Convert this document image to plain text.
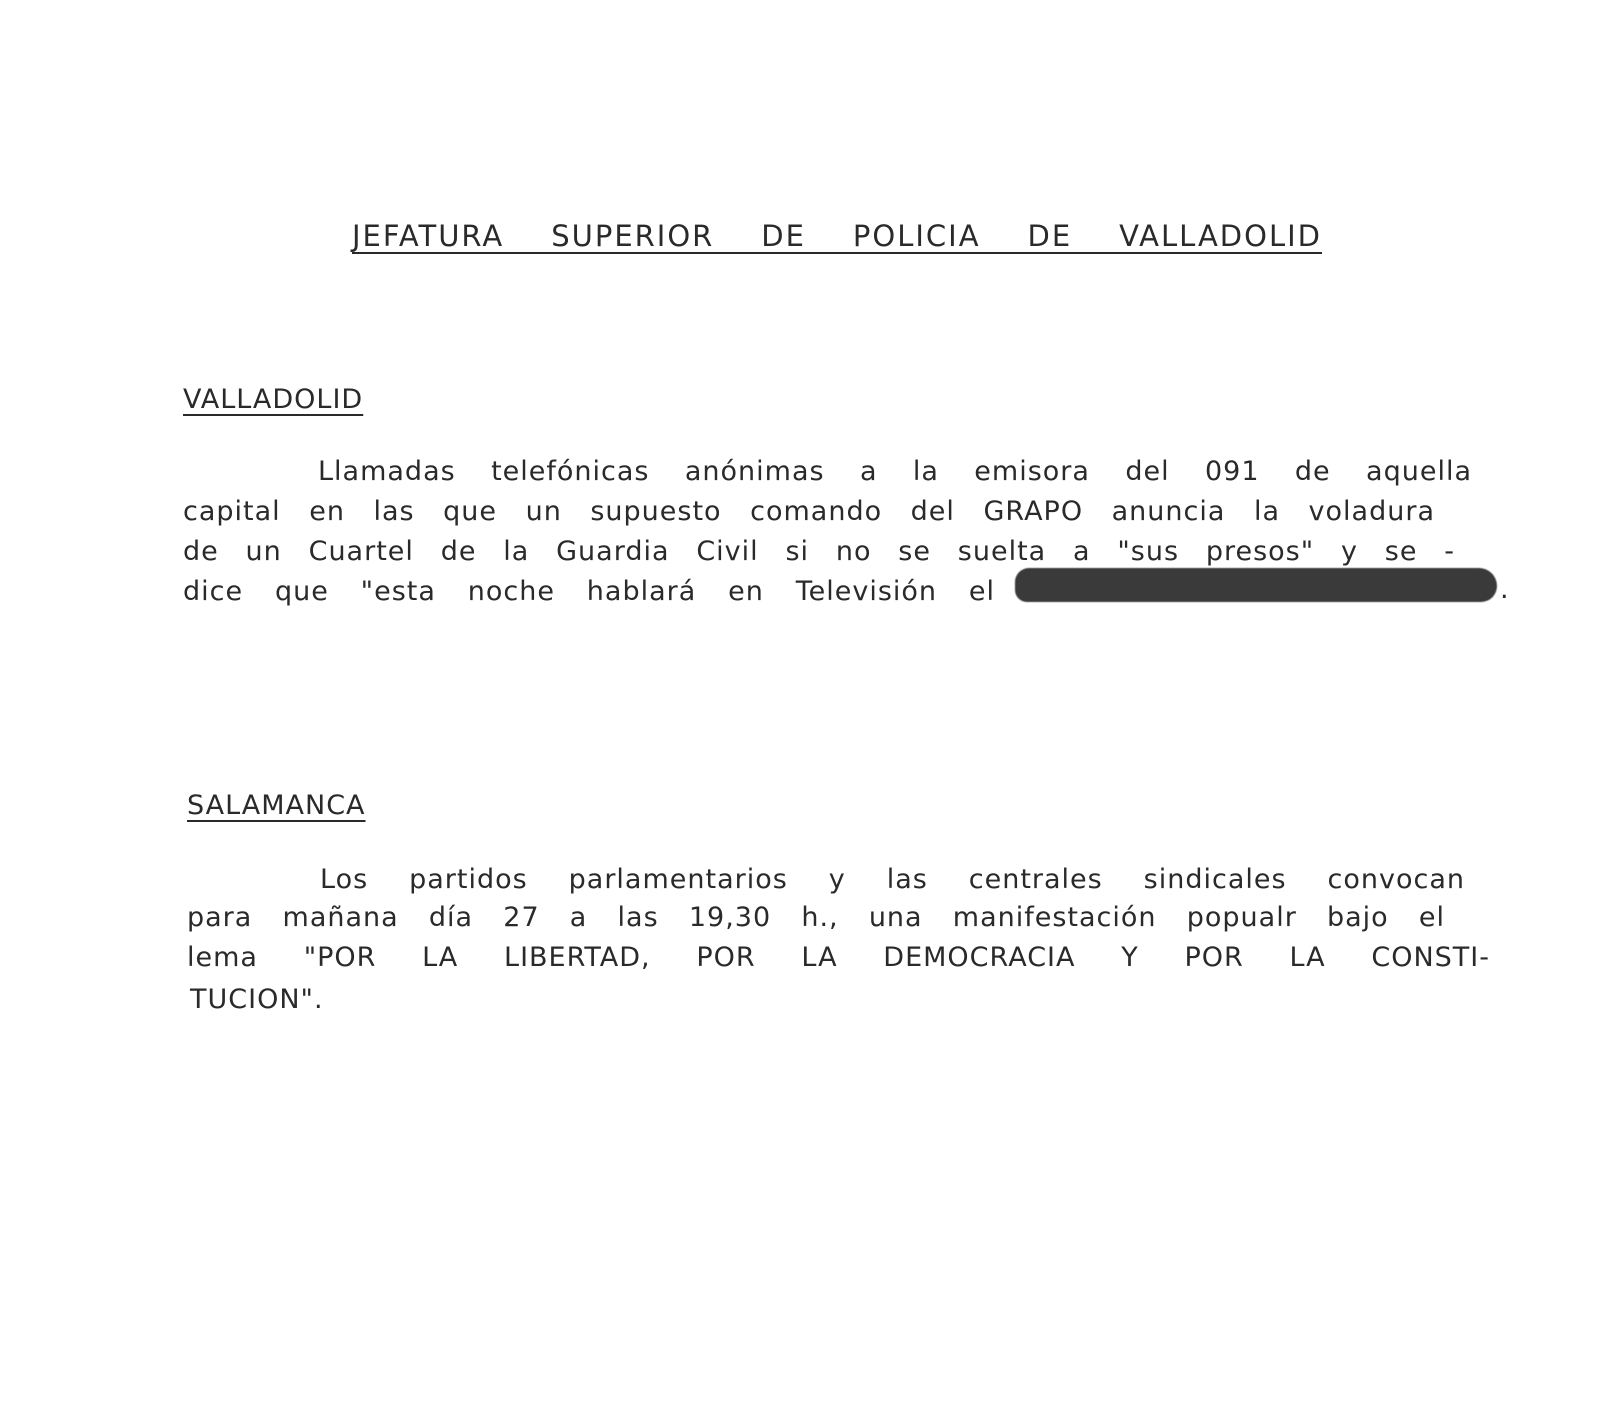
JEFATURA SUPERIOR DE POLICIA DE VALLADOLID
VALLADOLID
Llamadas telefónicas anónimas a la emisora del 091 de aquella
capital en las que un supuesto comando del GRAPO anuncia la voladura
de un Cuartel de la Guardia Civil si no se suelta a "sus presos" y se -
dice que "esta noche hablará en Televisión el	.
SALAMANCA
Los partidos parlamentarios y las centrales sindicales convocan
para mañana día 27 a las 19,30 h., una manifestación popualr bajo el
lema "POR LA LIBERTAD, POR LA DEMOCRACIA Y POR LA CONSTI-
TUCION".
